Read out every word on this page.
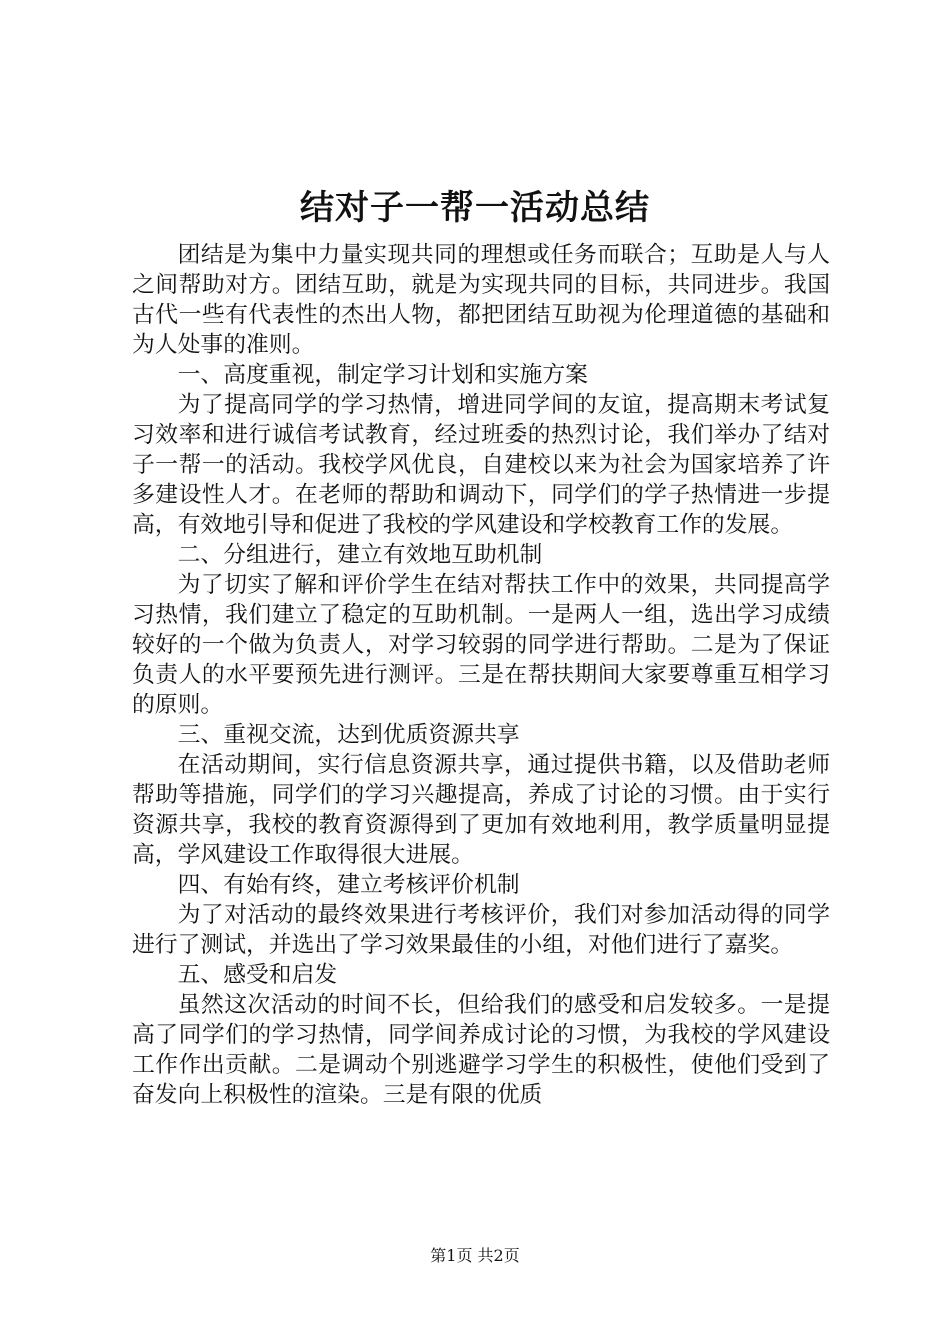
结对子一帮一活动总结

团结是为集中力量实现共同的理想或任务而联合；互助是人与人之间帮助对方。团结互助，就是为实现共同的目标，共同进步。我国古代一些有代表性的杰出人物，都把团结互助视为伦理道德的基础和为人处事的准则。

一、高度重视，制定学习计划和实施方案

为了提高同学的学习热情，增进同学间的友谊，提高期末考试复习效率和进行诚信考试教育，经过班委的热烈讨论，我们举办了结对子一帮一的活动。我校学风优良，自建校以来为社会为国家培养了许多建设性人才。在老师的帮助和调动下，同学们的学子热情进一步提高，有效地引导和促进了我校的学风建设和学校教育工作的发展。

二、分组进行，建立有效地互助机制

为了切实了解和评价学生在结对帮扶工作中的效果，共同提高学习热情，我们建立了稳定的互助机制。一是两人一组，选出学习成绩较好的一个做为负责人，对学习较弱的同学进行帮助。二是为了保证负责人的水平要预先进行测评。三是在帮扶期间大家要尊重互相学习的原则。

三、重视交流，达到优质资源共享

在活动期间，实行信息资源共享，通过提供书籍，以及借助老师帮助等措施，同学们的学习兴趣提高，养成了讨论的习惯。由于实行资源共享，我校的教育资源得到了更加有效地利用，教学质量明显提高，学风建设工作取得很大进展。

四、有始有终，建立考核评价机制

为了对活动的最终效果进行考核评价，我们对参加活动得的同学进行了测试，并选出了学习效果最佳的小组，对他们进行了嘉奖。

五、感受和启发

虽然这次活动的时间不长，但给我们的感受和启发较多。一是提高了同学们的学习热情，同学间养成讨论的习惯，为我校的学风建设工作作出贡献。二是调动个别逃避学习学生的积极性，使他们受到了奋发向上积极性的渲染。三是有限的优质

第1页 共2页
